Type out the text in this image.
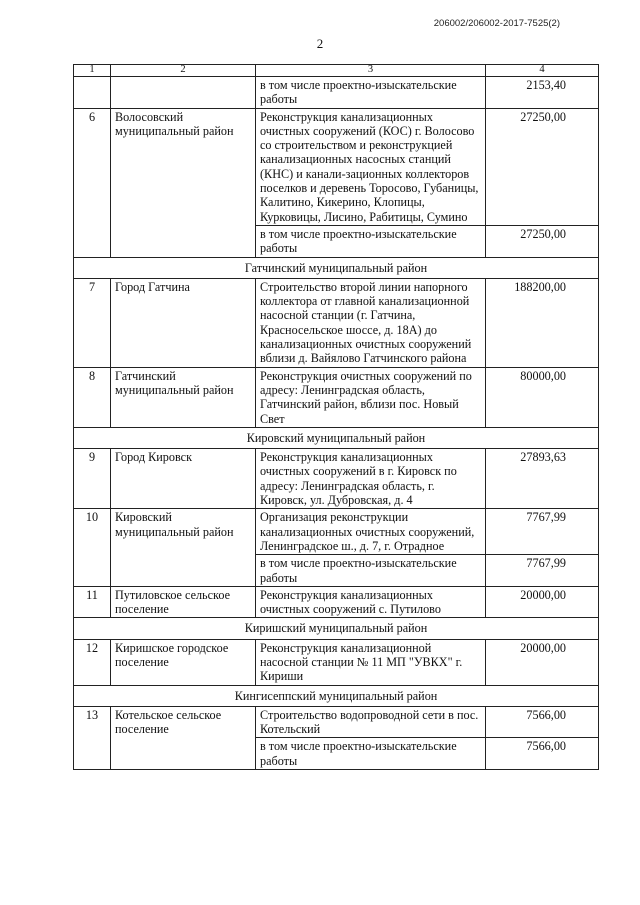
206002/206002-2017-7525(2)
2
1	2	3	4
		в том числе проектно-изыскательские работы	2153,40
6	Волосовский муниципальный район	Реконструкция канализационных очистных сооружений (КОС) г. Волосово со строительством и реконструкцией канализационных насосных станций (КНС) и канали-зационных коллекторов поселков и деревень Торосово, Губаницы, Калитино, Кикерино, Клопицы, Курковицы, Лисино, Рабитицы, Сумино	27250,00
		в том числе проектно-изыскательские работы	27250,00
Гатчинский муниципальный район			
7	Город Гатчина	Строительство второй линии напорного коллектора от главной канализационной насосной станции (г. Гатчина, Красносельское шоссе, д. 18А) до канализационных очистных сооружений вблизи д. Вайялово Гатчинского района	188200,00
8	Гатчинский муниципальный район	Реконструкция очистных сооружений по адресу: Ленинградская область, Гатчинский район, вблизи пос. Новый Свет	80000,00
Кировский муниципальный район			
9	Город Кировск	Реконструкция канализационных очистных сооружений в г. Кировск по адресу: Ленинградская область, г. Кировск, ул. Дубровская, д. 4	27893,63
10	Кировский муниципальный район	Организация реконструкции канализационных очистных сооружений, Ленинградское ш., д. 7, г. Отрадное	7767,99
		в том числе проектно-изыскательские работы	7767,99
11	Путиловское сельское поселение	Реконструкция канализационных очистных сооружений с. Путилово	20000,00
Киришский муниципальный район			
12	Киришское городское поселение	Реконструкция канализационной насосной станции № 11 МП "УВКХ" г. Кириши	20000,00
Кингисеппский муниципальный район			
13	Котельское сельское поселение	Строительство водопроводной сети в пос. Котельский	7566,00
		в том числе проектно-изыскательские работы	7566,00
